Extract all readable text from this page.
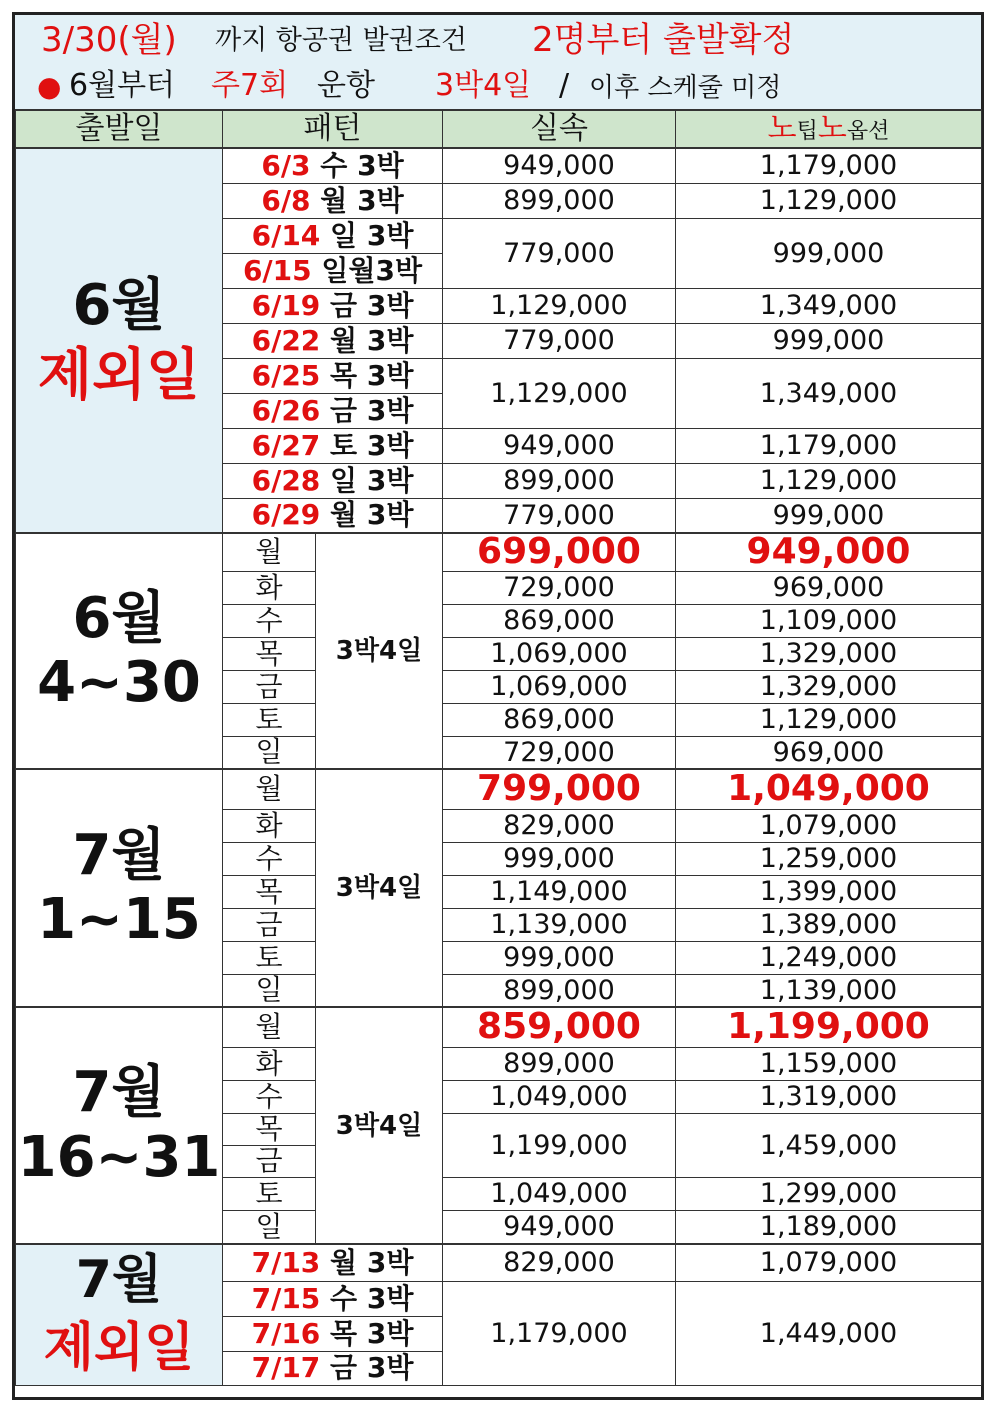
3/30(월) 까지 항공권 발권조건 2명부터 출발확정
● 6월부터 주7회 운항 3박4일 / 이후 스케줄 미정
출발일	패턴		실속	노팁노옵션

6월
제외일	6/3 수 3박		949,000	1,179,000
	6/8 월 3박		899,000	1,129,000
	6/14 일 3박		779,000	999,000
	6/15 일월3박			
	6/19 금 3박		1,129,000	1,349,000
	6/22 월 3박		779,000	999,000
	6/25 목 3박		1,129,000	1,349,000
	6/26 금 3박			
	6/27 토 3박		949,000	1,179,000
	6/28 일 3박		899,000	1,129,000
	6/29 월 3박		779,000	999,000

6월
4~30	월	3박4일	699,000	949,000
	화		729,000	969,000
	수		869,000	1,109,000
	목		1,069,000	1,329,000
	금		1,069,000	1,329,000
	토		869,000	1,129,000
	일		729,000	969,000

7월
1~15	월	3박4일	799,000	1,049,000
	화		829,000	1,079,000
	수		999,000	1,259,000
	목		1,149,000	1,399,000
	금		1,139,000	1,389,000
	토		999,000	1,249,000
	일		899,000	1,139,000

7월
16~31	월	3박4일	859,000	1,199,000
	화		899,000	1,159,000
	수		1,049,000	1,319,000
	목		1,199,000	1,459,000
	금			
	토		1,049,000	1,299,000
	일		949,000	1,189,000

7월
제외일	7/13 월 3박		829,000	1,079,000
	7/15 수 3박		1,179,000	1,449,000
	7/16 목 3박			
	7/17 금 3박			
